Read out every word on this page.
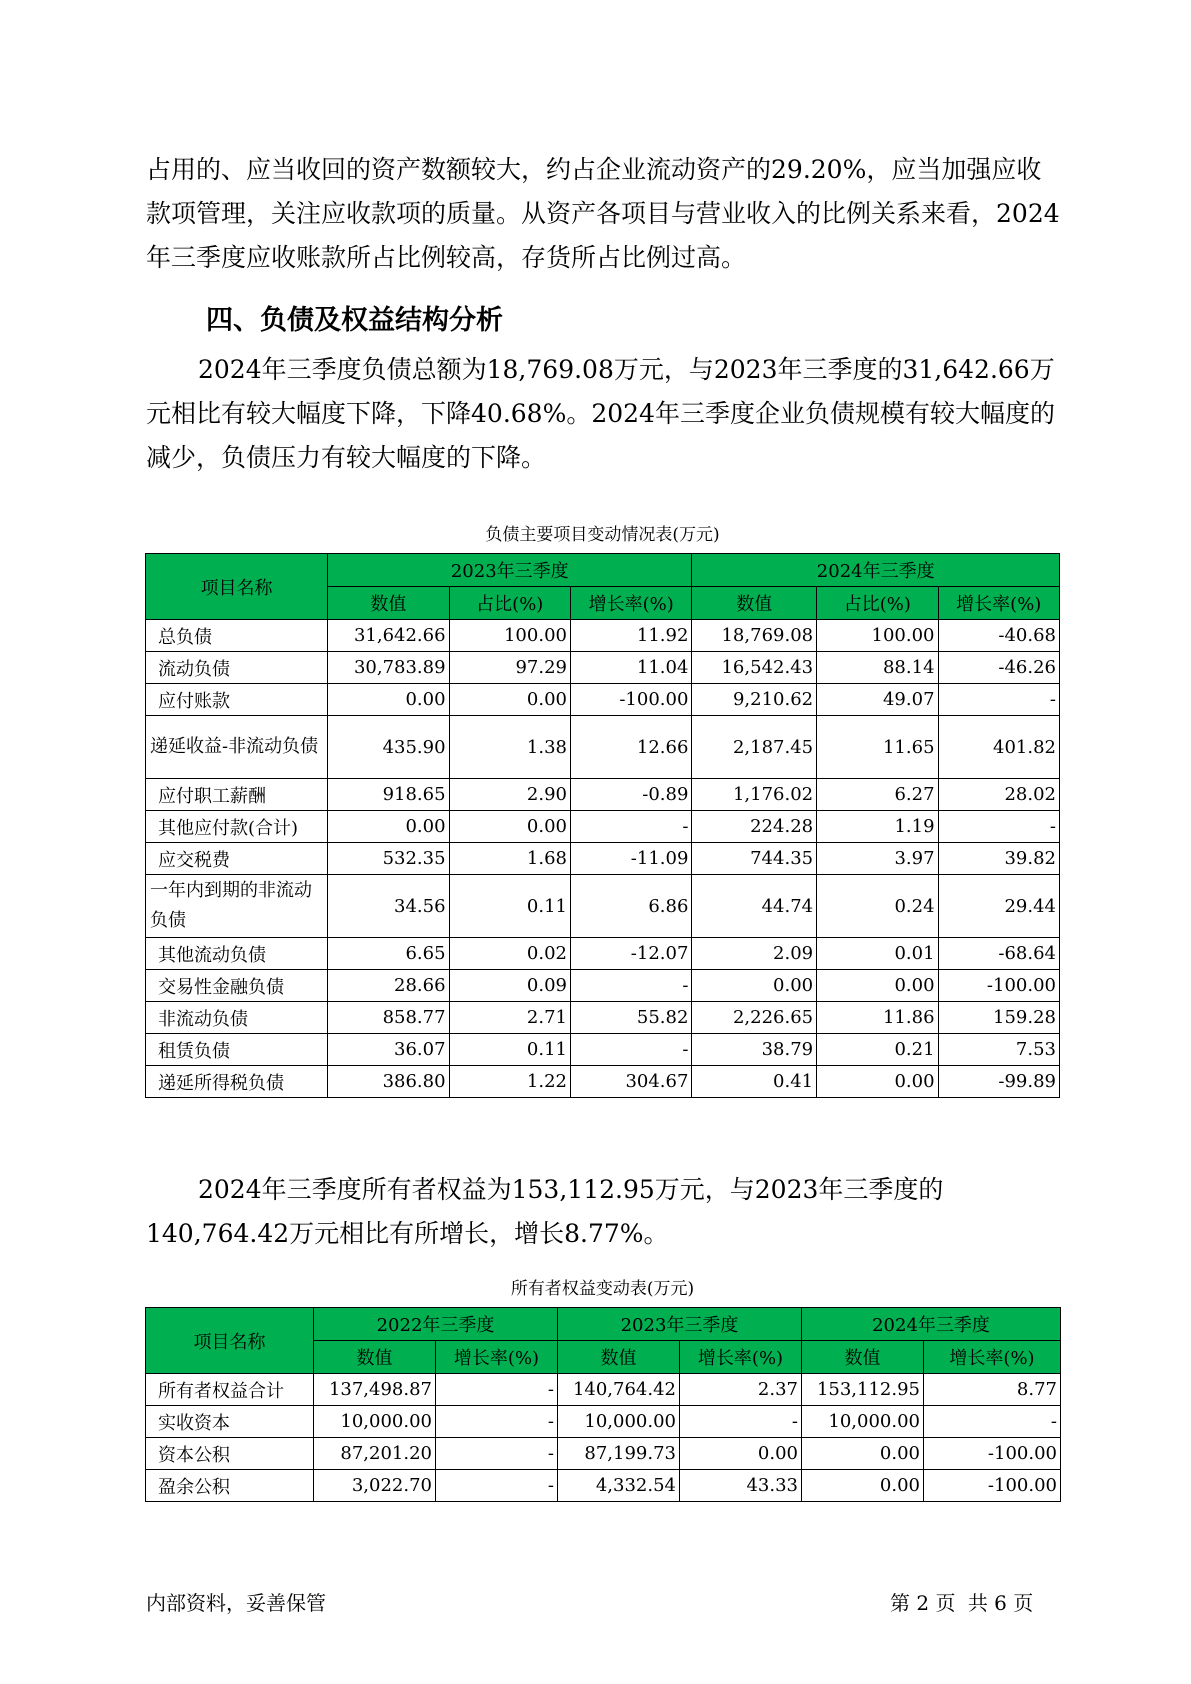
占用的、应当收回的资产数额较大，约占企业流动资产的29.20%，应当加强应收款项管理，关注应收款项的质量。从资产各项目与营业收入的比例关系来看，2024年三季度应收账款所占比例较高，存货所占比例过高。

四、负债及权益结构分析

2024年三季度负债总额为18,769.08万元，与2023年三季度的31,642.66万元相比有较大幅度下降，下降40.68%。2024年三季度企业负债规模有较大幅度的减少，负债压力有较大幅度的下降。

负债主要项目变动情况表(万元)
项目名称	2023年三季度			2024年三季度		
	数值	占比(%)	增长率(%)	数值	占比(%)	增长率(%)
总负债	31,642.66	100.00	11.92	18,769.08	100.00	-40.68
流动负债	30,783.89	97.29	11.04	16,542.43	88.14	-46.26
应付账款	0.00	0.00	-100.00	9,210.62	49.07	-
递延收益-非流动负债	435.90	1.38	12.66	2,187.45	11.65	401.82
应付职工薪酬	918.65	2.90	-0.89	1,176.02	6.27	28.02
其他应付款(合计)	0.00	0.00	-	224.28	1.19	-
应交税费	532.35	1.68	-11.09	744.35	3.97	39.82
一年内到期的非流动负债	34.56	0.11	6.86	44.74	0.24	29.44
其他流动负债	6.65	0.02	-12.07	2.09	0.01	-68.64
交易性金融负债	28.66	0.09	-	0.00	0.00	-100.00
非流动负债	858.77	2.71	55.82	2,226.65	11.86	159.28
租赁负债	36.07	0.11	-	38.79	0.21	7.53
递延所得税负债	386.80	1.22	304.67	0.41	0.00	-99.89

2024年三季度所有者权益为153,112.95万元，与2023年三季度的140,764.42万元相比有所增长，增长8.77%。

所有者权益变动表(万元)
项目名称	2022年三季度		2023年三季度		2024年三季度	
	数值	增长率(%)	数值	增长率(%)	数值	增长率(%)
所有者权益合计	137,498.87	-	140,764.42	2.37	153,112.95	8.77
实收资本	10,000.00	-	10,000.00	-	10,000.00	-
资本公积	87,201.20	-	87,199.73	0.00	0.00	-100.00
盈余公积	3,022.70	-	4,332.54	43.33	0.00	-100.00
内部资料，妥善保管	第 2 页 共 6 页
